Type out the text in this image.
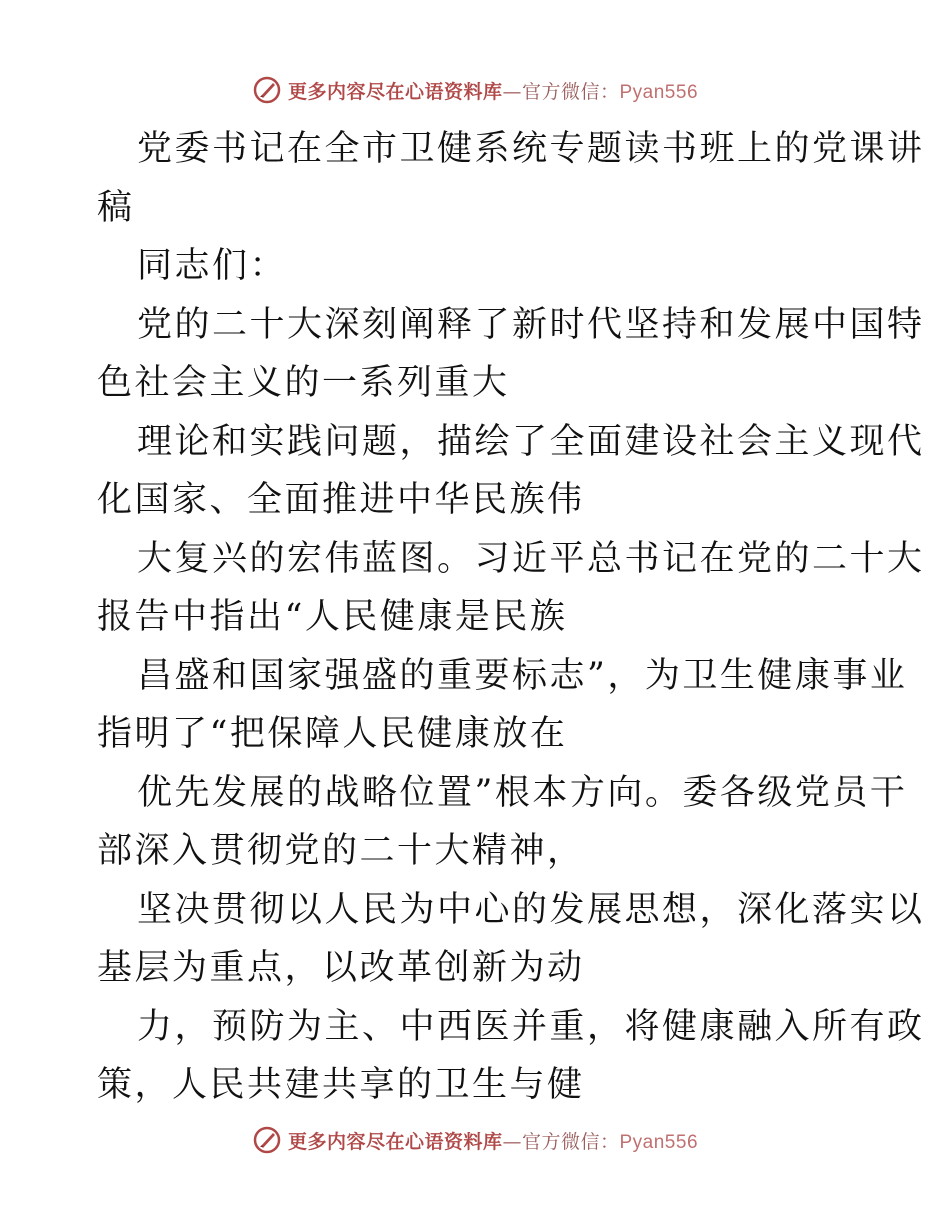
更多内容尽在心语资料库—官方微信：Pyan556
党委书记在全市卫健系统专题读书班上的党课讲
稿
同志们：
党的二十大深刻阐释了新时代坚持和发展中国特
色社会主义的一系列重大
理论和实践问题，描绘了全面建设社会主义现代
化国家、全面推进中华民族伟
大复兴的宏伟蓝图。习近平总书记在党的二十大
报告中指出“人民健康是民族
昌盛和国家强盛的重要标志”，为卫生健康事业
指明了“把保障人民健康放在
优先发展的战略位置”根本方向。委各级党员干
部深入贯彻党的二十大精神，
坚决贯彻以人民为中心的发展思想，深化落实以
基层为重点，以改革创新为动
力，预防为主、中西医并重，将健康融入所有政
策，人民共建共享的卫生与健
更多内容尽在心语资料库—官方微信：Pyan556
